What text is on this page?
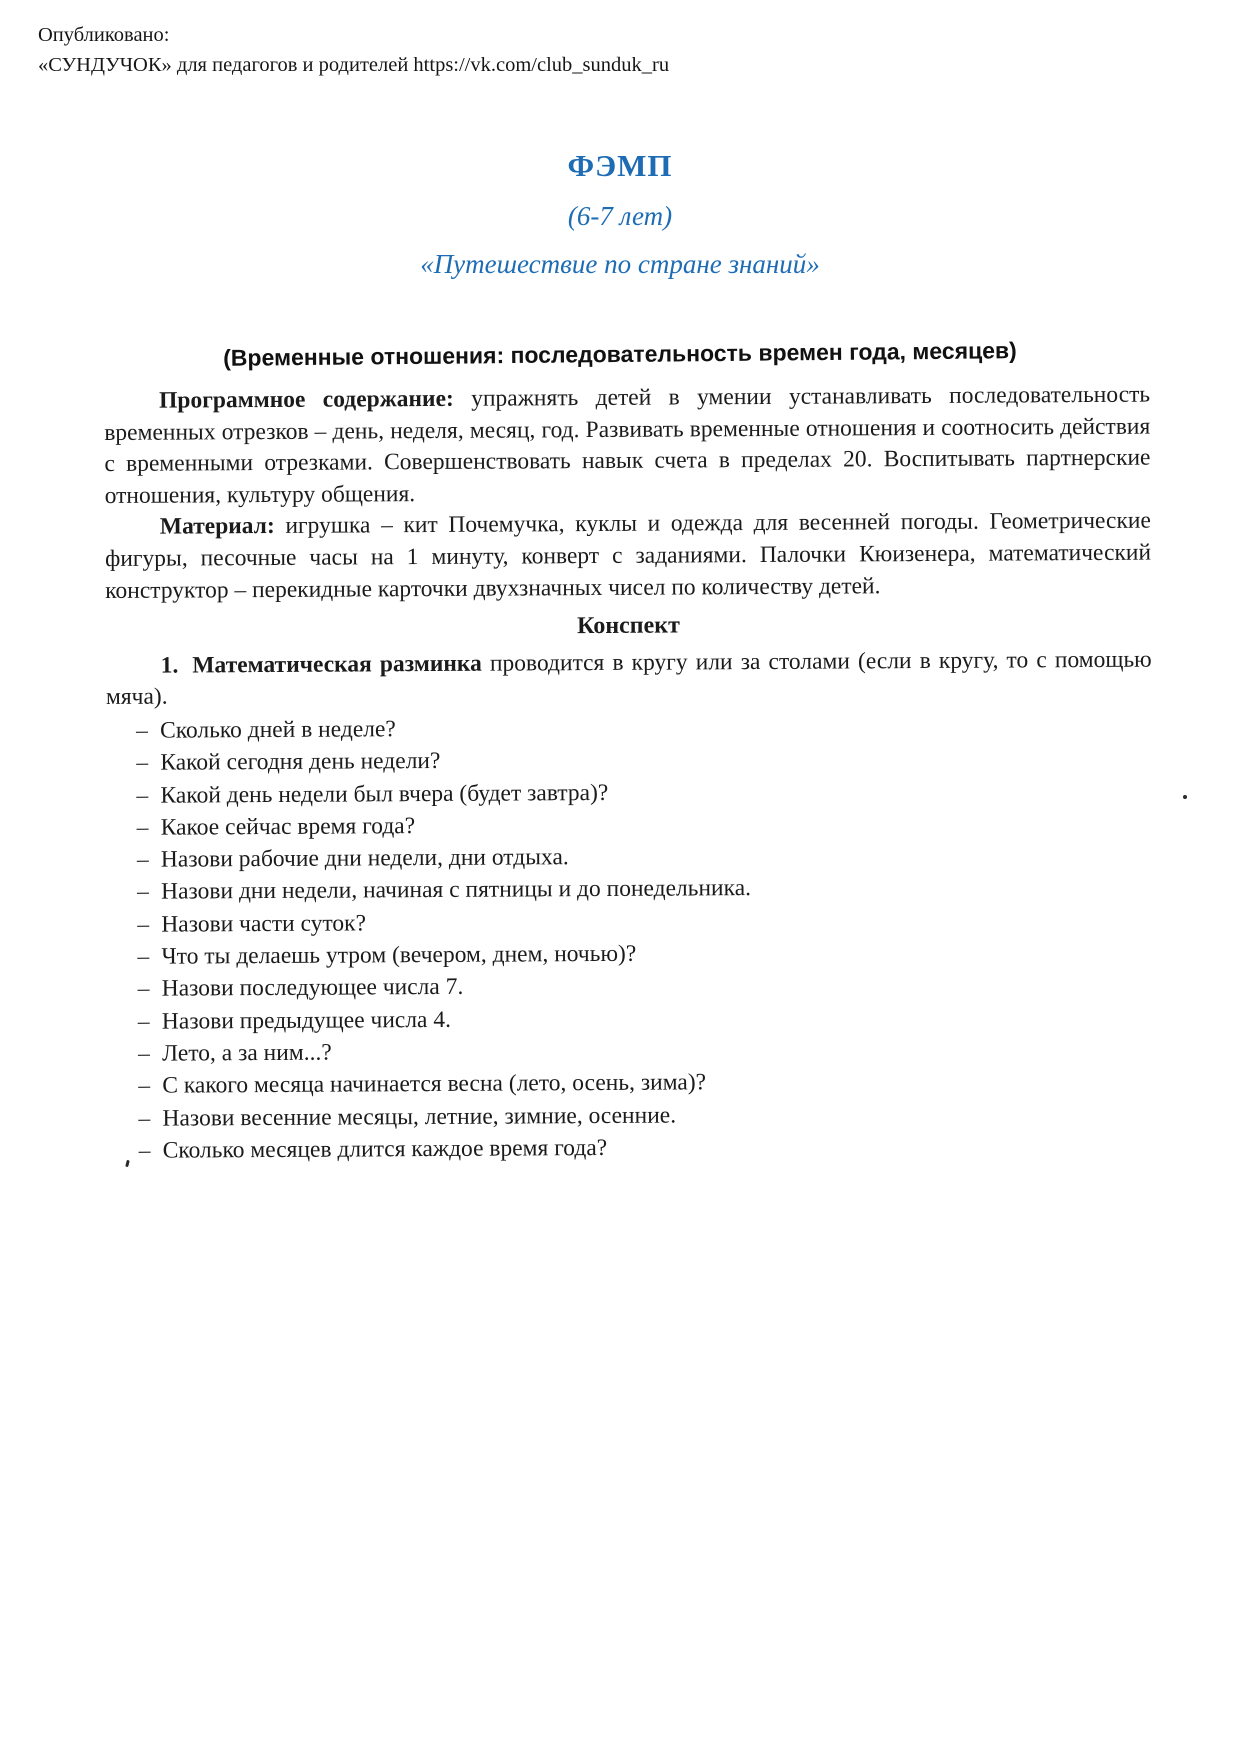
Опубликовано:
«СУНДУЧОК» для педагогов и родителей https://vk.com/club_sunduk_ru
ФЭМП
(6-7 лет)
«Путешествие по стране знаний»
(Временные отношения: последовательность времен года, месяцев)

Программное содержание: упражнять детей в умении устанавливать последовательность временных отрезков – день, неделя, месяц, год. Развивать временные отношения и соотносить действия с временными отрезками. Совершенствовать навык счета в пределах 20. Воспитывать партнерские отношения, культуру общения.

Материал: игрушка – кит Почемучка, куклы и одежда для весенней погоды. Геометрические фигуры, песочные часы на 1 минуту, конверт с заданиями. Палочки Кюизенера, математический конструктор – перекидные карточки двухзначных чисел по количеству детей.

Конспект

1. Математическая разминка проводится в кругу или за столами (если в кругу, то с помощью мяча).

– Сколько дней в неделе?
– Какой сегодня день недели?
– Какой день недели был вчера (будет завтра)?
– Какое сейчас время года?
– Назови рабочие дни недели, дни отдыха.
– Назови дни недели, начиная с пятницы и до понедельника.
– Назови части суток?
– Что ты делаешь утром (вечером, днем, ночью)?
– Назови последующее числа 7.
– Назови предыдущее числа 4.
– Лето, а за ним...?
– С какого месяца начинается весна (лето, осень, зима)?
– Назови весенние месяцы, летние, зимние, осенние.
– Сколько месяцев длится каждое время года?
